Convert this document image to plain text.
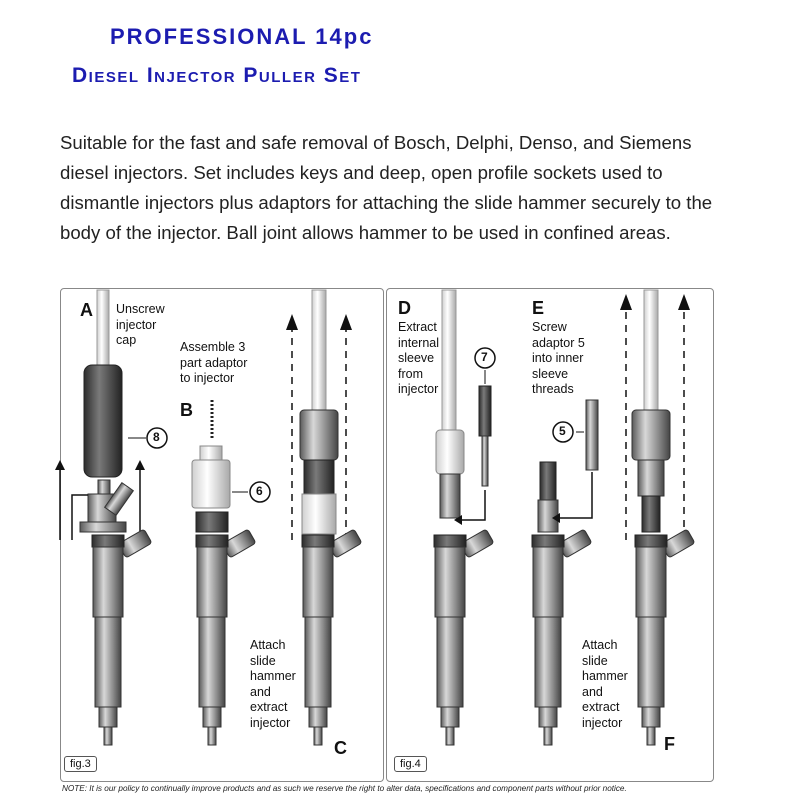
PROFESSIONAL 14pc
Diesel Injector Puller Set
Suitable for the fast and safe removal of Bosch, Delphi, Denso, and Siemens diesel injectors. Set includes keys and deep, open profile sockets used to dismantle injectors plus adaptors for attaching the slide hammer securely to the body of the injector. Ball joint allows hammer to be used in confined areas.
8
6
7
5
A
B
C
D	E
F
Unscrew injector cap	Assemble 3 part adaptor to injector
Attach slide hammer and extract injector
Extract internal sleeve from injector
Screw adaptor 5 into inner sleeve threads
Attach slide hammer and extract injector
fig.3	fig.4
NOTE: It is our policy to continually improve products and as such we reserve the right to alter data, specifications and component parts without prior notice.
